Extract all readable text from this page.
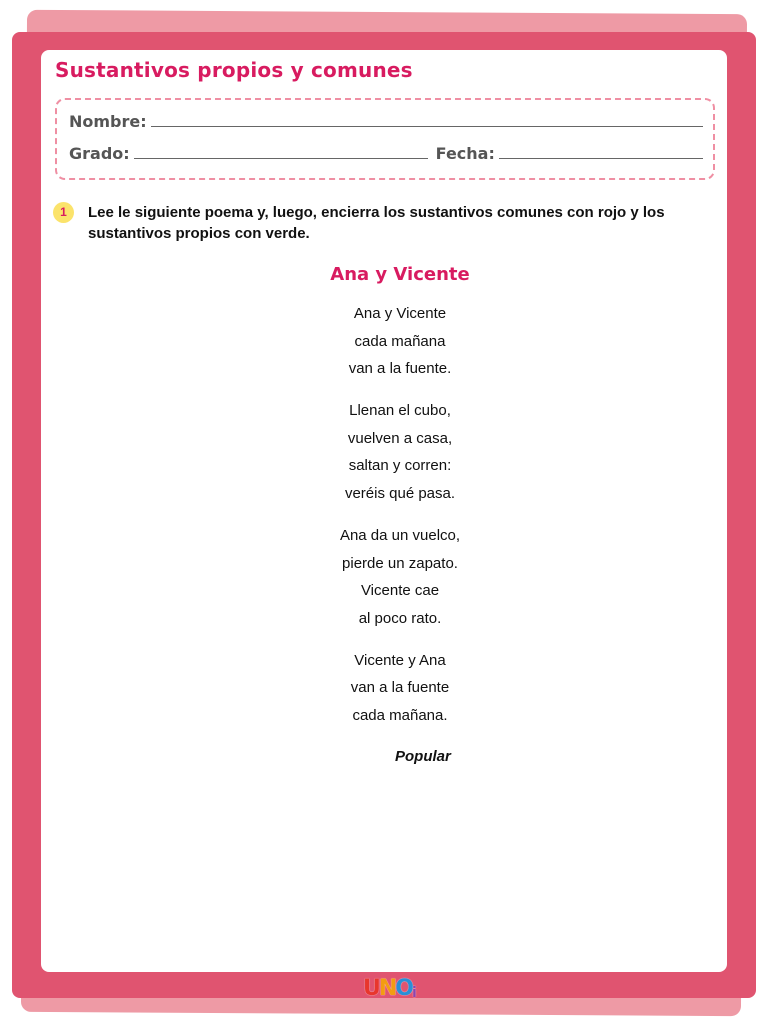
Sustantivos propios y comunes
Nombre:
Grado:	Fecha:
1	Lee le siguiente poema y, luego, encierra los sustantivos comunes con rojo y los sustantivos propios con verde.
Ana y Vicente
Ana y Vicente
cada mañana
van a la fuente.
Llenan el cubo,
vuelven a casa,
saltan y corren:
veréis qué pasa.
Ana da un vuelco,
pierde un zapato.
Vicente cae
al poco rato.
Vicente y Ana
van a la fuente
cada mañana.
Popular
U N O i
